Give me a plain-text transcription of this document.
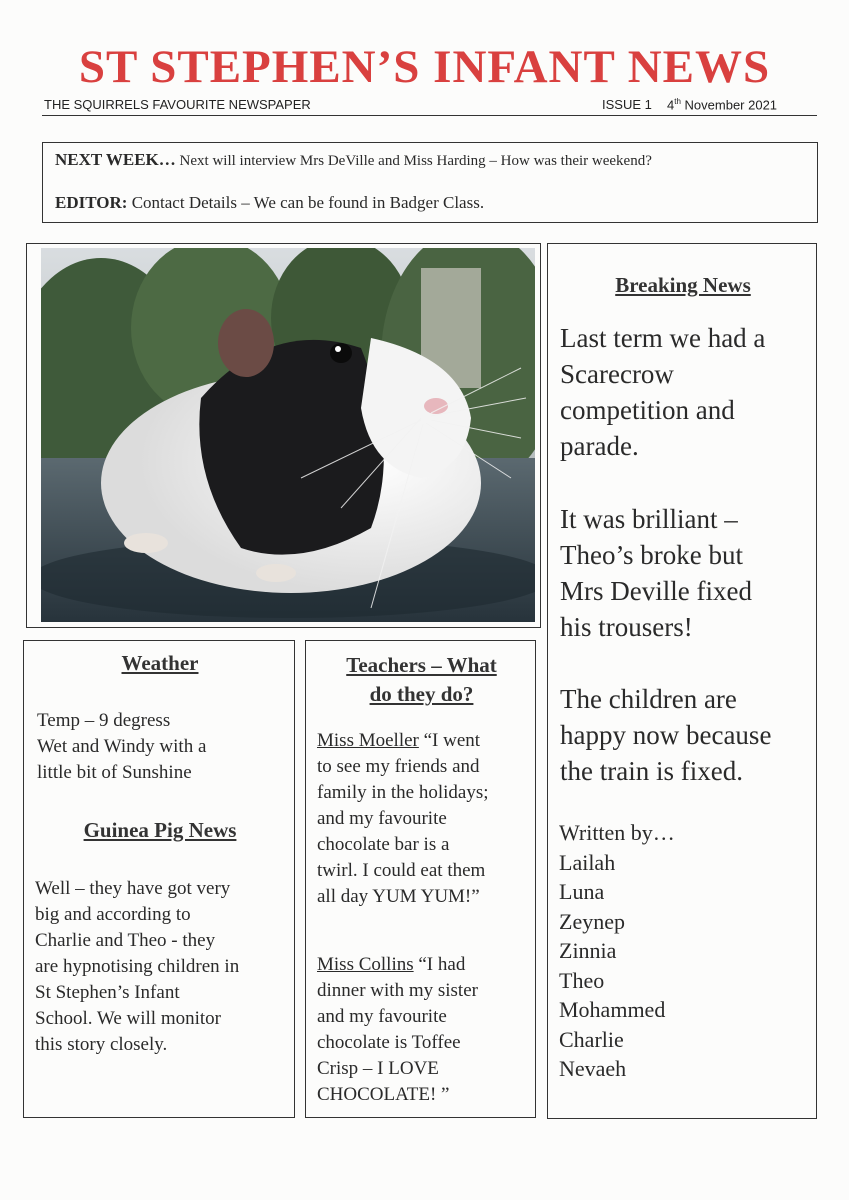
ST STEPHEN’S INFANT NEWS
THE SQUIRRELS FAVOURITE NEWSPAPER	ISSUE 1 4th November 2021
NEXT WEEK… Next will interview Mrs DeVille and Miss Harding – How was their weekend?
EDITOR: Contact Details – We can be found in Badger Class.
Weather
Temp – 9 degress
Wet and Windy with a
little bit of Sunshine
Guinea Pig News
Well – they have got very
big and according to
Charlie and Theo - they
are hypnotising children in
St Stephen’s Infant
School. We will monitor
this story closely.
Teachers – What
do they do?
Miss Moeller “I went
to see my friends and
family in the holidays;
and my favourite
chocolate bar is a
twirl. I could eat them
all day YUM YUM!”
Miss Collins “I had
dinner with my sister
and my favourite
chocolate is Toffee
Crisp – I LOVE
CHOCOLATE! ”
Breaking News
Last term we had a
Scarecrow
competition and
parade.
It was brilliant –
Theo’s broke but
Mrs Deville fixed
his trousers!
The children are
happy now because
the train is fixed.
Written by…
Lailah
Luna
Zeynep
Zinnia
Theo
Mohammed
Charlie
Nevaeh
